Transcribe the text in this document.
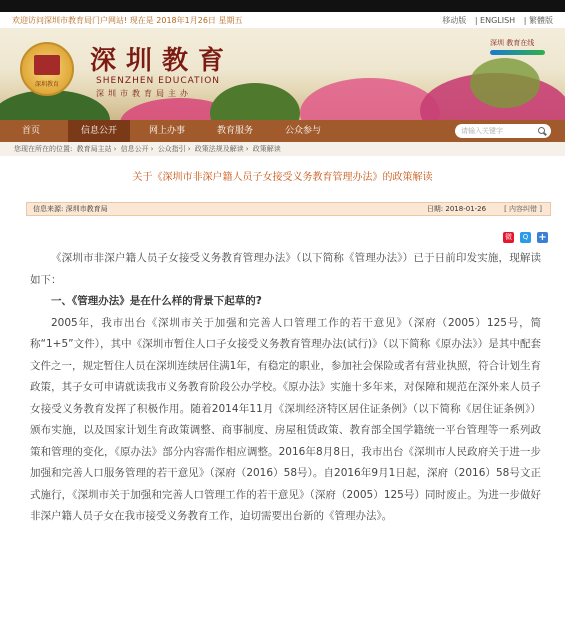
欢迎访问深圳市教育局门户网站! 现在是 2018年1月26日 星期五	移动版 | ENGLISH | 繁體版
深圳教育
深圳教育
SHENZHEN EDUCATION
深圳市教育局主办
深圳 教育在线
首页	信息公开	网上办事	教育服务	公众参与	请输入关键字
您现在所在的位置: 教育局主站 › 信息公开 › 公众指引 › 政策法规及解读 › 政策解读
关于《深圳市非深户籍人员子女接受义务教育管理办法》的政策解读
信息来源: 深圳市教育局	日期: 2018-01-26	[ 内容纠错 ]
微	Q +

《深圳市非深户籍人员子女接受义务教育管理办法》（以下简称《管理办法》）已于日前印发实施，现解读如下：

一、《管理办法》是在什么样的背景下起草的?

2005年，我市出台《深圳市关于加强和完善人口管理工作的若干意见》（深府（2005）125号，简称“1+5”文件），其中《深圳市暂住人口子女接受义务教育管理办法(试行)》（以下简称《原办法》）是其中配套文件之一，规定暂住人员在深圳连续居住满1年，有稳定的职业，参加社会保险或者有营业执照，符合计划生育政策，其子女可申请就读我市义务教育阶段公办学校。《原办法》实施十多年来，对保障和规范在深外来人员子女接受义务教育发挥了积极作用。随着2014年11月《深圳经济特区居住证条例》（以下简称《居住证条例》）颁布实施，以及国家计划生育政策调整、商事制度、房屋租赁政策、教育部全国学籍统一平台管理等一系列政策和管理的变化，《原办法》部分内容需作相应调整。2016年8月8日，我市出台《深圳市人民政府关于进一步加强和完善人口服务管理的若干意见》（深府（2016）58号）。自2016年9月1日起，深府（2016）58号文正式施行，《深圳市关于加强和完善人口管理工作的若干意见》（深府（2005）125号）同时废止。为进一步做好非深户籍人员子女在我市接受义务教育工作，迫切需要出台新的《管理办法》。
